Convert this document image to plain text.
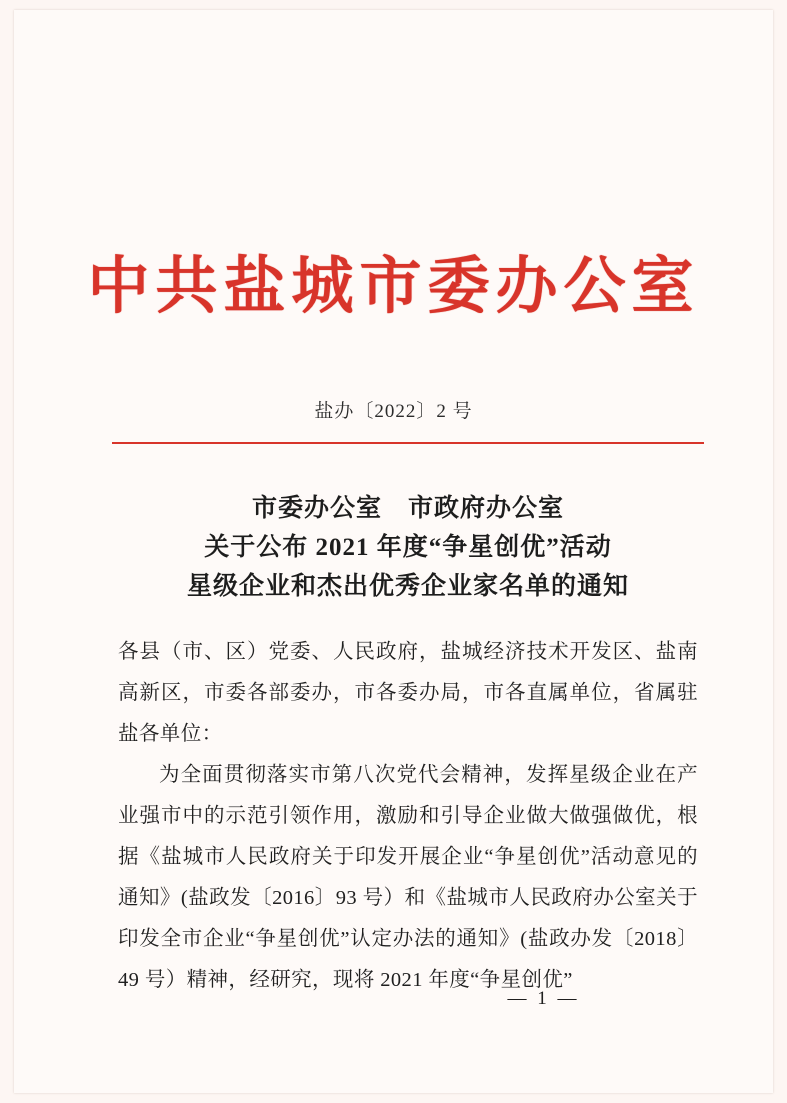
中共盐城市委办公室
盐办〔2022〕2 号
市委办公室 市政府办公室
关于公布 2021 年度“争星创优”活动
星级企业和杰出优秀企业家名单的通知

各县（市、区）党委、人民政府，盐城经济技术开发区、盐南高新区，市委各部委办，市各委办局，市各直属单位，省属驻盐各单位：

为全面贯彻落实市第八次党代会精神，发挥星级企业在产业强市中的示范引领作用，激励和引导企业做大做强做优，根据《盐城市人民政府关于印发开展企业“争星创优”活动意见的通知》(盐政发〔2016〕93 号）和《盐城市人民政府办公室关于印发全市企业“争星创优”认定办法的通知》(盐政办发〔2018〕49 号）精神，经研究，现将 2021 年度“争星创优”

— 1 —
